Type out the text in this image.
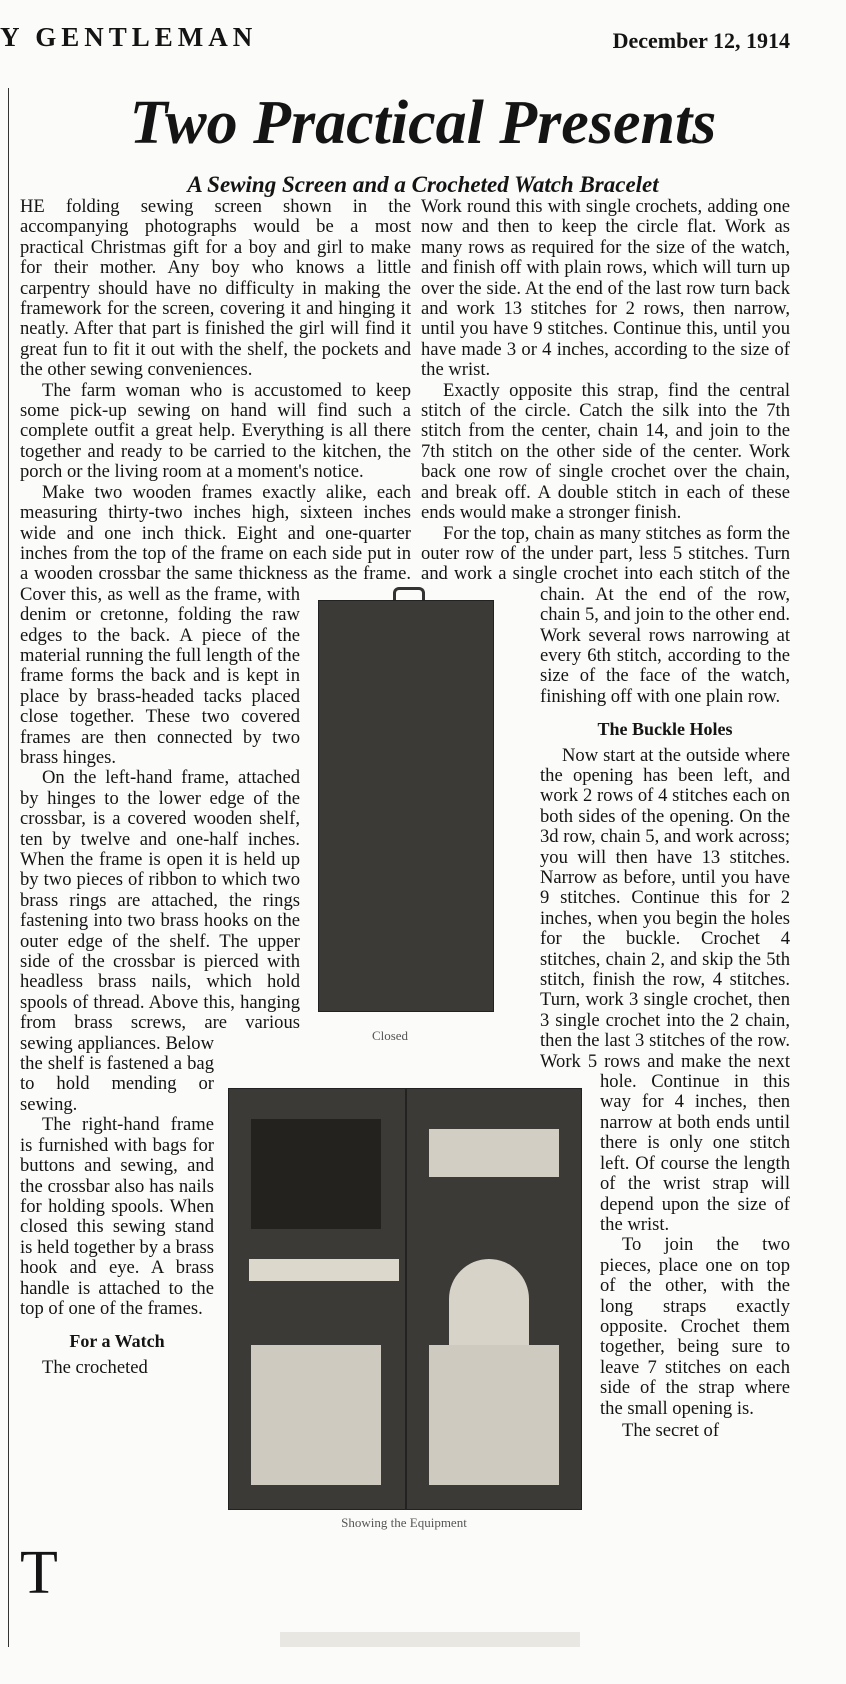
Y GENTLEMAN	December 12, 1914
Two Practical Presents
A Sewing Screen and a Crocheted Watch Bracelet

T
HE folding sewing screen shown in the accompanying photographs would be a most practical Christmas gift for a boy and girl to make for their mother. Any boy who knows a little carpentry should have no difficulty in making the framework for the screen, covering it and hinging it neatly. After that part is finished the girl will find it great fun to fit it out with the shelf, the pockets and the other sewing conveniences.

The farm woman who is accustomed to keep some pick-up sewing on hand will find such a complete outfit a great help. Everything is all there together and ready to be carried to the kitchen, the porch or the living room at a moment's notice.

Make two wooden frames exactly alike, each measuring thirty-two inches high, sixteen inches wide and one inch thick. Eight and one-quarter inches from the top of the frame on each side put in a wooden crossbar the same thickness as the frame. Cover this, as well as the frame, with denim or cretonne, folding the raw edges to the back. A piece of the material running the full length of the frame forms the back and is kept in place by brass-headed tacks placed close together. These two covered frames are then connected by two brass hinges.

On the left-hand frame, attached by hinges to the lower edge of the crossbar, is a covered wooden shelf, ten by twelve and one-half inches. When the frame is open it is held up by two pieces of ribbon to which two brass rings are attached, the rings fastening into two brass hooks on the outer edge of the shelf. The upper side of the crossbar is pierced with headless brass nails, which hold spools of thread. Above this, hanging from brass screws, are various sewing appliances. Below the shelf is fastened a bag to hold mending or sewing.

The right-hand frame is furnished with bags for buttons and sewing, and the crossbar also has nails for holding spools. When closed this sewing stand is held together by a brass hook and eye. A brass handle is attached to the top of one of the frames.

For a Watch

The crocheted

Work round this with single crochets, adding one now and then to keep the circle flat. Work as many rows as required for the size of the watch, and finish off with plain rows, which will turn up over the side. At the end of the last row turn back and work 13 stitches for 2 rows, then narrow, until you have 9 stitches. Continue this, until you have made 3 or 4 inches, according to the size of the wrist.

Exactly opposite this strap, find the central stitch of the circle. Catch the silk into the 7th stitch from the center, chain 14, and join to the 7th stitch on the other side of the center. Work back one row of single crochet over the chain, and break off. A double stitch in each of these ends would make a stronger finish.

For the top, chain as many stitches as form the outer row of the under part, less 5 stitches. Turn and work a single crochet into each stitch of the chain. At the end of the row, chain 5, and join to the other end. Work several rows narrowing at every 6th stitch, according to the size of the face of the watch, finishing off with one plain row.

The Buckle Holes

Now start at the outside where the opening has been left, and work 2 rows of 4 stitches each on both sides of the opening. On the 3d row, chain 5, and work across; you will then have 13 stitches. Narrow as before, until you have 9 stitches. Continue this for 2 inches, when you begin the holes for the buckle. Crochet 4 stitches, chain 2, and skip the 5th stitch, finish the row, 4 stitches. Turn, work 3 single crochet, then 3 single crochet into the 2 chain, then the last 3 stitches of the row. Work 5 rows and make the next hole. Continue in this way for 4 inches, then narrow at both ends until there is only one stitch left. Of course the length of the wrist strap will depend upon the size of the wrist.

To join the two pieces, place one on top of the other, with the long straps exactly opposite. Crochet them together, being sure to leave 7 stitches on each side of the strap where the small opening is.

The secret of

Closed
Showing the Equipment
